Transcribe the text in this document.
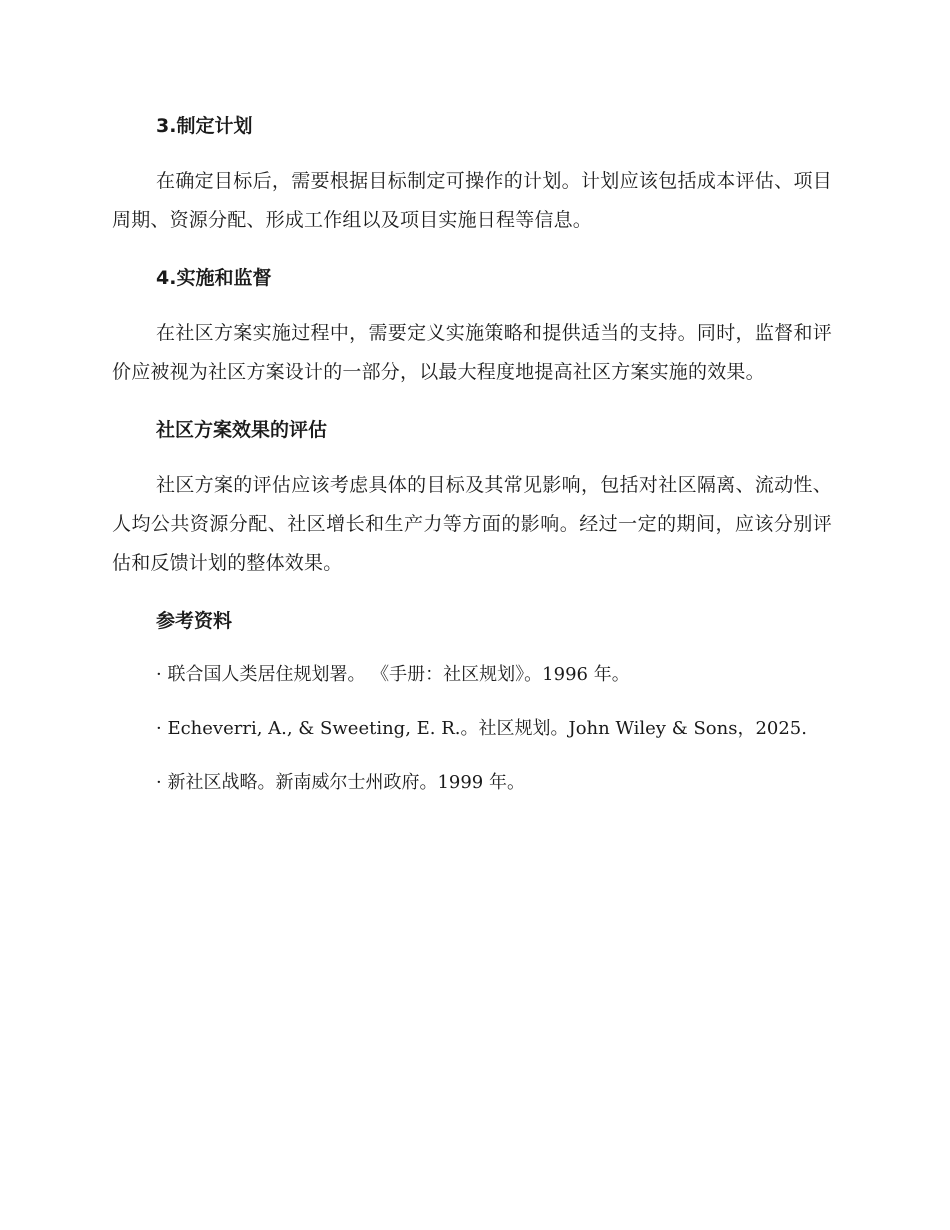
3.制定计划

在确定目标后，需要根据目标制定可操作的计划。计划应该包括成本评估、项目周期、资源分配、形成工作组以及项目实施日程等信息。

4.实施和监督

在社区方案实施过程中，需要定义实施策略和提供适当的支持。同时，监督和评价应被视为社区方案设计的一部分，以最大程度地提高社区方案实施的效果。

社区方案效果的评估

社区方案的评估应该考虑具体的目标及其常见影响，包括对社区隔离、流动性、人均公共资源分配、社区增长和生产力等方面的影响。经过一定的期间，应该分别评估和反馈计划的整体效果。

参考资料

· 联合国人类居住规划署。 《手册：社区规划》。1996 年。

· Echeverri, A., & Sweeting, E. R.。社区规划。John Wiley & Sons，2025.

· 新社区战略。新南威尔士州政府。1999 年。
